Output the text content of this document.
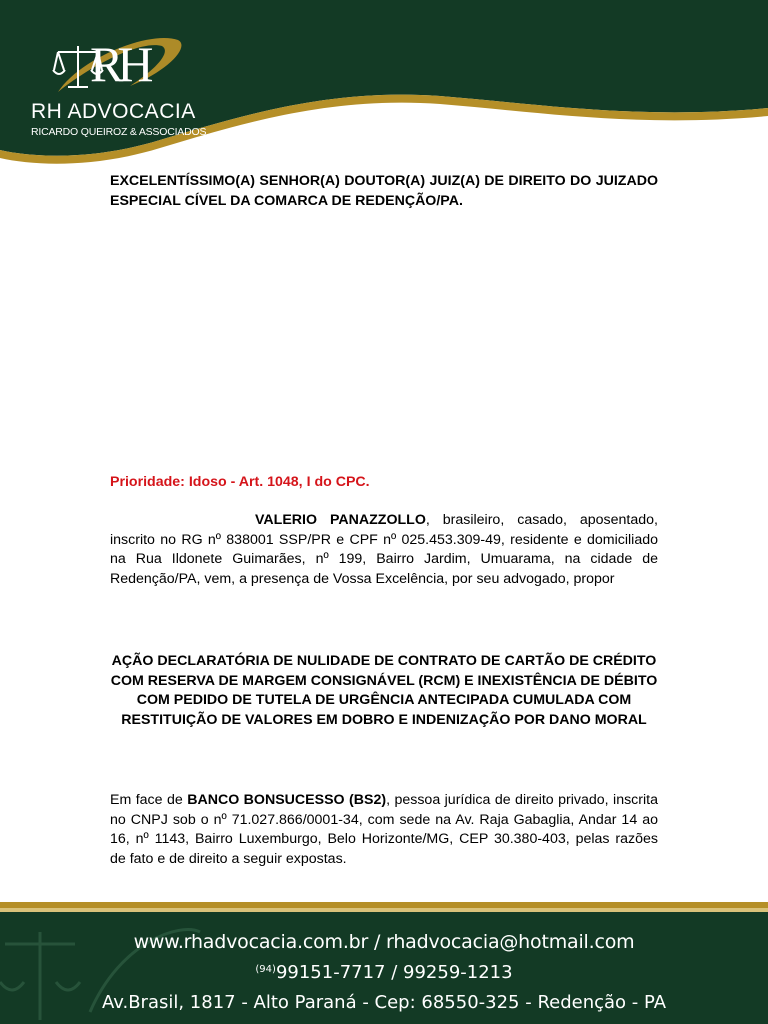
RH
RH ADVOCACIA
RICARDO QUEIROZ & ASSOCIADOS
EXCELENTÍSSIMO(A) SENHOR(A) DOUTOR(A) JUIZ(A) DE DIREITO DO JUIZADO ESPECIAL CÍVEL DA COMARCA DE REDENÇÃO/PA.
Prioridade: Idoso - Art. 1048, I do CPC.
VALERIO PANAZZOLLO, brasileiro, casado, aposentado, inscrito no RG nº 838001 SSP/PR e CPF nº 025.453.309-49, residente e domiciliado na Rua Ildonete Guimarães, nº 199, Bairro Jardim, Umuarama, na cidade de Redenção/PA, vem, a presença de Vossa Excelência, por seu advogado, propor
AÇÃO DECLARATÓRIA DE NULIDADE DE CONTRATO DE CARTÃO DE CRÉDITO COM RESERVA DE MARGEM CONSIGNÁVEL (RCM) E INEXISTÊNCIA DE DÉBITO COM PEDIDO DE TUTELA DE URGÊNCIA ANTECIPADA CUMULADA COM RESTITUIÇÃO DE VALORES EM DOBRO E INDENIZAÇÃO POR DANO MORAL
Em face de BANCO BONSUCESSO (BS2), pessoa jurídica de direito privado, inscrita no CNPJ sob o nº 71.027.866/0001-34, com sede na Av. Raja Gabaglia, Andar 14 ao 16, nº 1143, Bairro Luxemburgo, Belo Horizonte/MG, CEP 30.380-403, pelas razões de fato e de direito a seguir expostas.
www.rhadvocacia.com.br / rhadvocacia@hotmail.com
$^{(94)}$99151-7717 / 99259-1213
Av.Brasil, 1817 - Alto Paraná - Cep: 68550-325 - Redenção - PA
